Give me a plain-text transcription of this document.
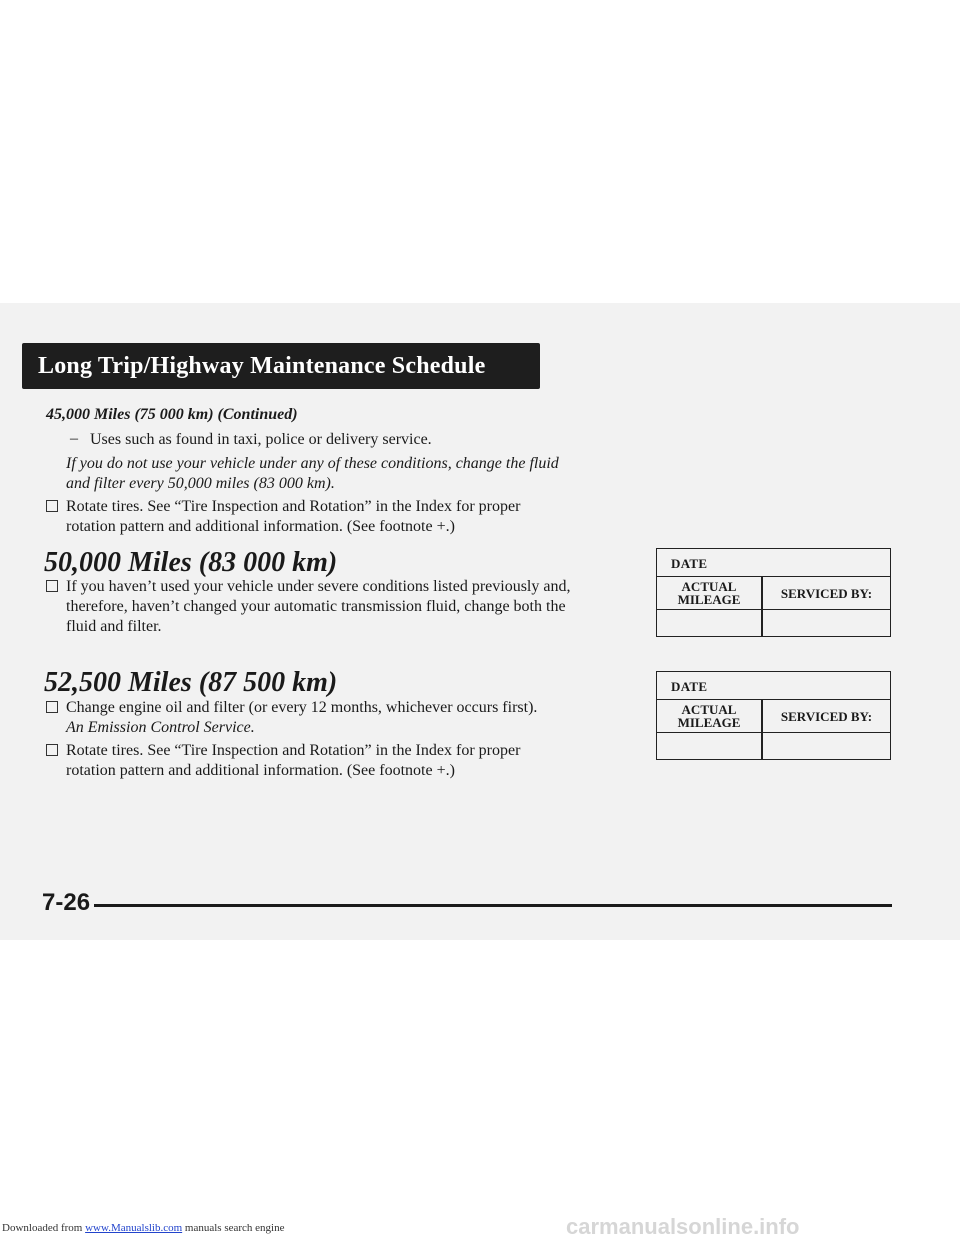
Long Trip/Highway Maintenance Schedule
45,000 Miles (75 000 km) (Continued)
– Uses such as found in taxi, police or delivery service.
If you do not use your vehicle under any of these conditions, change the fluid
and filter every 50,000 miles (83 000 km).
Rotate tires. See “Tire Inspection and Rotation” in the Index for proper
rotation pattern and additional information. (See footnote +.)
50,000 Miles (83 000 km)
If you haven’t used your vehicle under severe conditions listed previously and,
therefore, haven’t changed your automatic transmission fluid, change both the
fluid and filter.
DATE
ACTUAL
MILEAGE	SERVICED BY:
52,500 Miles (87 500 km)
Change engine oil and filter (or every 12 months, whichever occurs first).
An Emission Control Service.
Rotate tires. See “Tire Inspection and Rotation” in the Index for proper
rotation pattern and additional information. (See footnote +.)
DATE
ACTUAL
MILEAGE	SERVICED BY:
7-26
Downloaded from www.Manualslib.com manuals search engine	carmanualsonline.info
